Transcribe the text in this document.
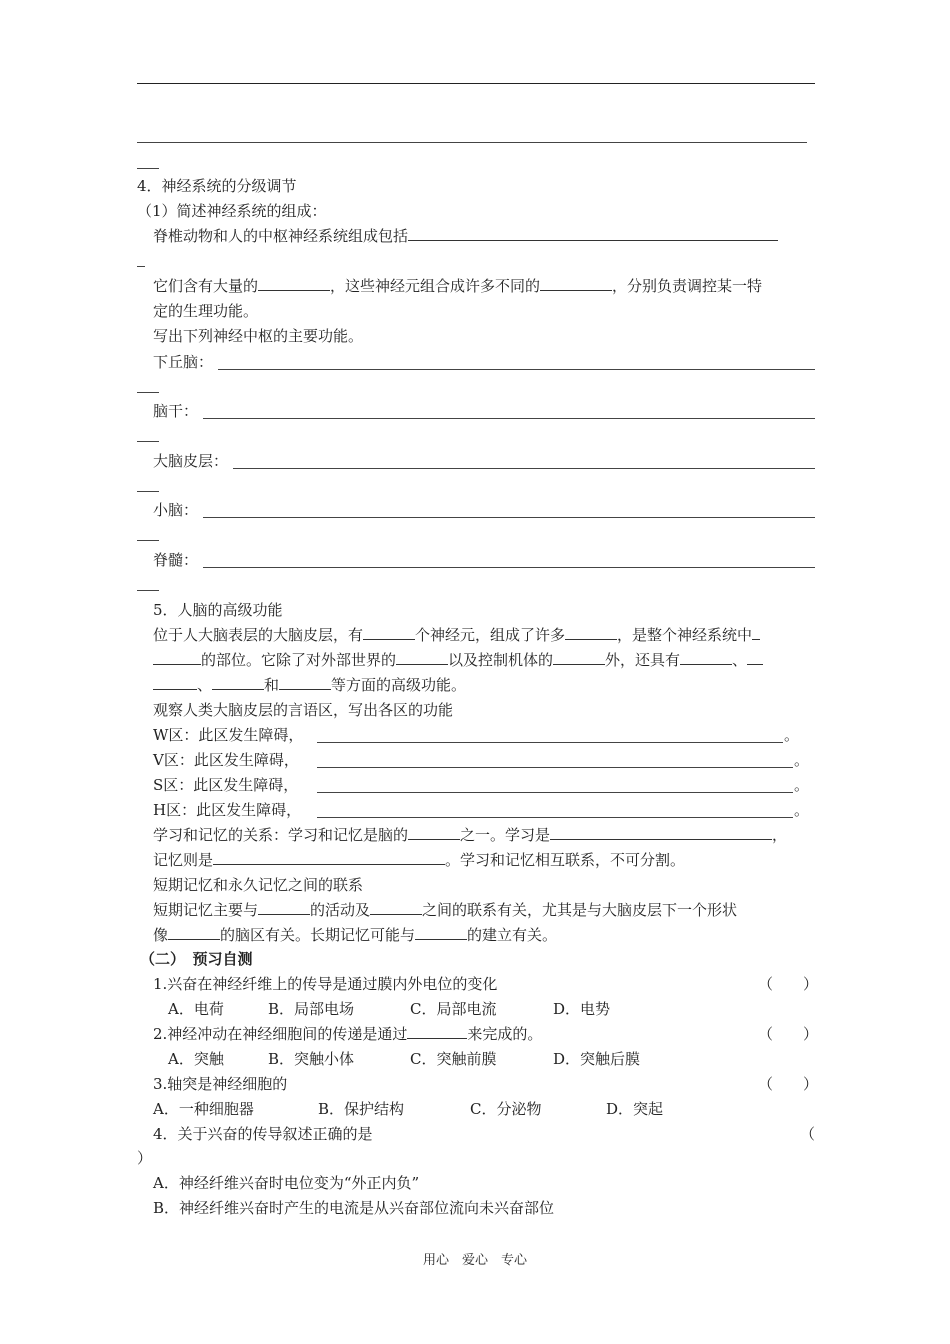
4．神经系统的分级调节
（1）简述神经系统的组成：
脊椎动物和人的中枢神经系统组成包括
它们含有大量的	，这些神经元组合成许多不同的	，分别负责调控某一特
定的生理功能。
写出下列神经中枢的主要功能。
下丘脑：
脑干：
大脑皮层：
小脑：
脊髓：
5．人脑的高级功能
位于人大脑表层的大脑皮层，有	个神经元，组成了许多	，是整个神经系统中
的部位。它除了对外部世界的	以及控制机体的	外，还具有	、
、	和	等方面的高级功能。
观察人类大脑皮层的言语区，写出各区的功能
W区：此区发生障碍，	。
V区：此区发生障碍，	。
S区：此区发生障碍，	。
H区：此区发生障碍，	。
学习和记忆的关系：学习和记忆是脑的	之一。学习是	，
记忆则是	。学习和记忆相互联系，不可分割。
短期记忆和永久记忆之间的联系
短期记忆主要与	的活动及	之间的联系有关，尤其是与大脑皮层下一个形状
像	的脑区有关。长期记忆可能与	的建立有关。
（二）　预习自测
1.兴奋在神经纤维上的传导是通过膜内外电位的变化	（　　）
A．电荷	B．局部电场	C．局部电流	D．电势
2.神经冲动在神经细胞间的传递是通过	来完成的。	（　　）
A．突触	B．突触小体	C．突触前膜	D．突触后膜
3.轴突是神经细胞的	（　　）
A．一种细胞器	B．保护结构	C．分泌物	D．突起
4．关于兴奋的传导叙述正确的是	（
）
A．神经纤维兴奋时电位变为“外正内负”
B．神经纤维兴奋时产生的电流是从兴奋部位流向未兴奋部位
用心　爱心　专心
